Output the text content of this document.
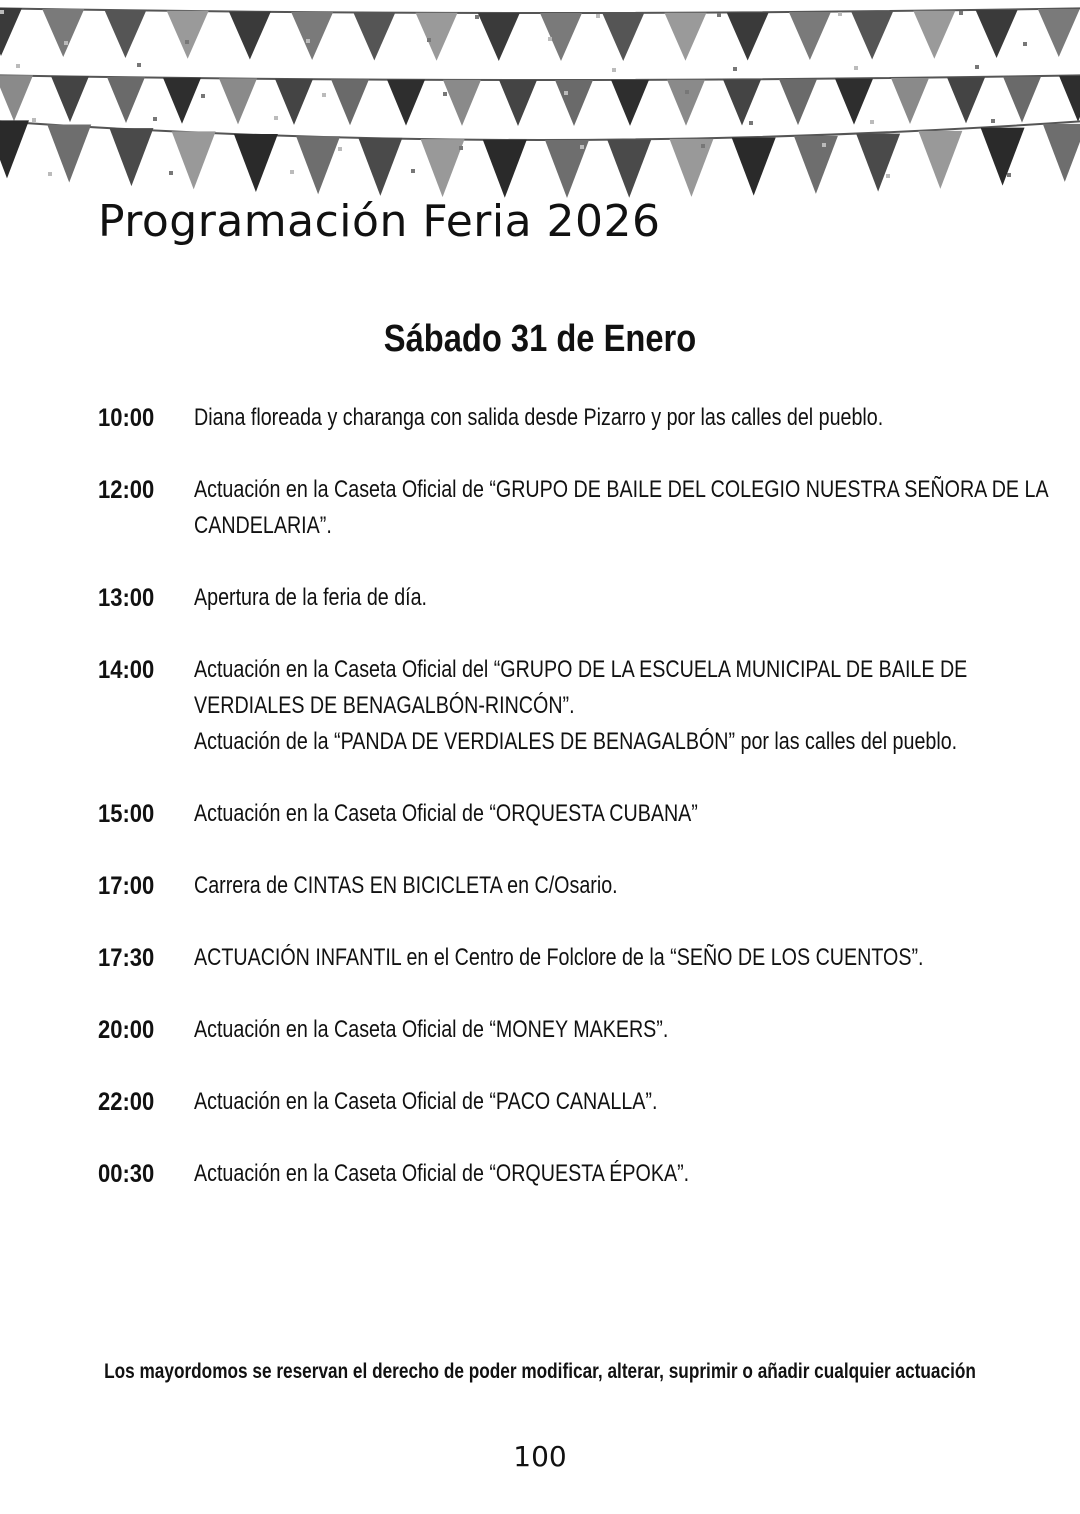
Programación Feria 2026
Sábado 31 de Enero
10:00	Diana floreada y charanga con salida desde Pizarro y por las calles del pueblo.
12:00	Actuación en la Caseta Oficial de “GRUPO DE BAILE DEL COLEGIO NUESTRA SEÑORA DE LA
CANDELARIA”.
13:00	Apertura de la feria de día.
14:00	Actuación en la Caseta Oficial del “GRUPO DE LA ESCUELA MUNICIPAL DE BAILE DE
VERDIALES DE BENAGALBÓN-RINCÓN”.
Actuación de la “PANDA DE VERDIALES DE BENAGALBÓN” por las calles del pueblo.
15:00	Actuación en la Caseta Oficial de “ORQUESTA CUBANA”
17:00	Carrera de CINTAS EN BICICLETA en C/Osario.
17:30	ACTUACIÓN INFANTIL en el Centro de Folclore de la “SEÑO DE LOS CUENTOS”.
20:00	Actuación en la Caseta Oficial de “MONEY MAKERS”.
22:00	Actuación en la Caseta Oficial de “PACO CANALLA”.
00:30	Actuación en la Caseta Oficial de “ORQUESTA ÉPOKA”.

Los mayordomos se reservan el derecho de poder modificar, alterar, suprimir o añadir cualquier actuación

100
